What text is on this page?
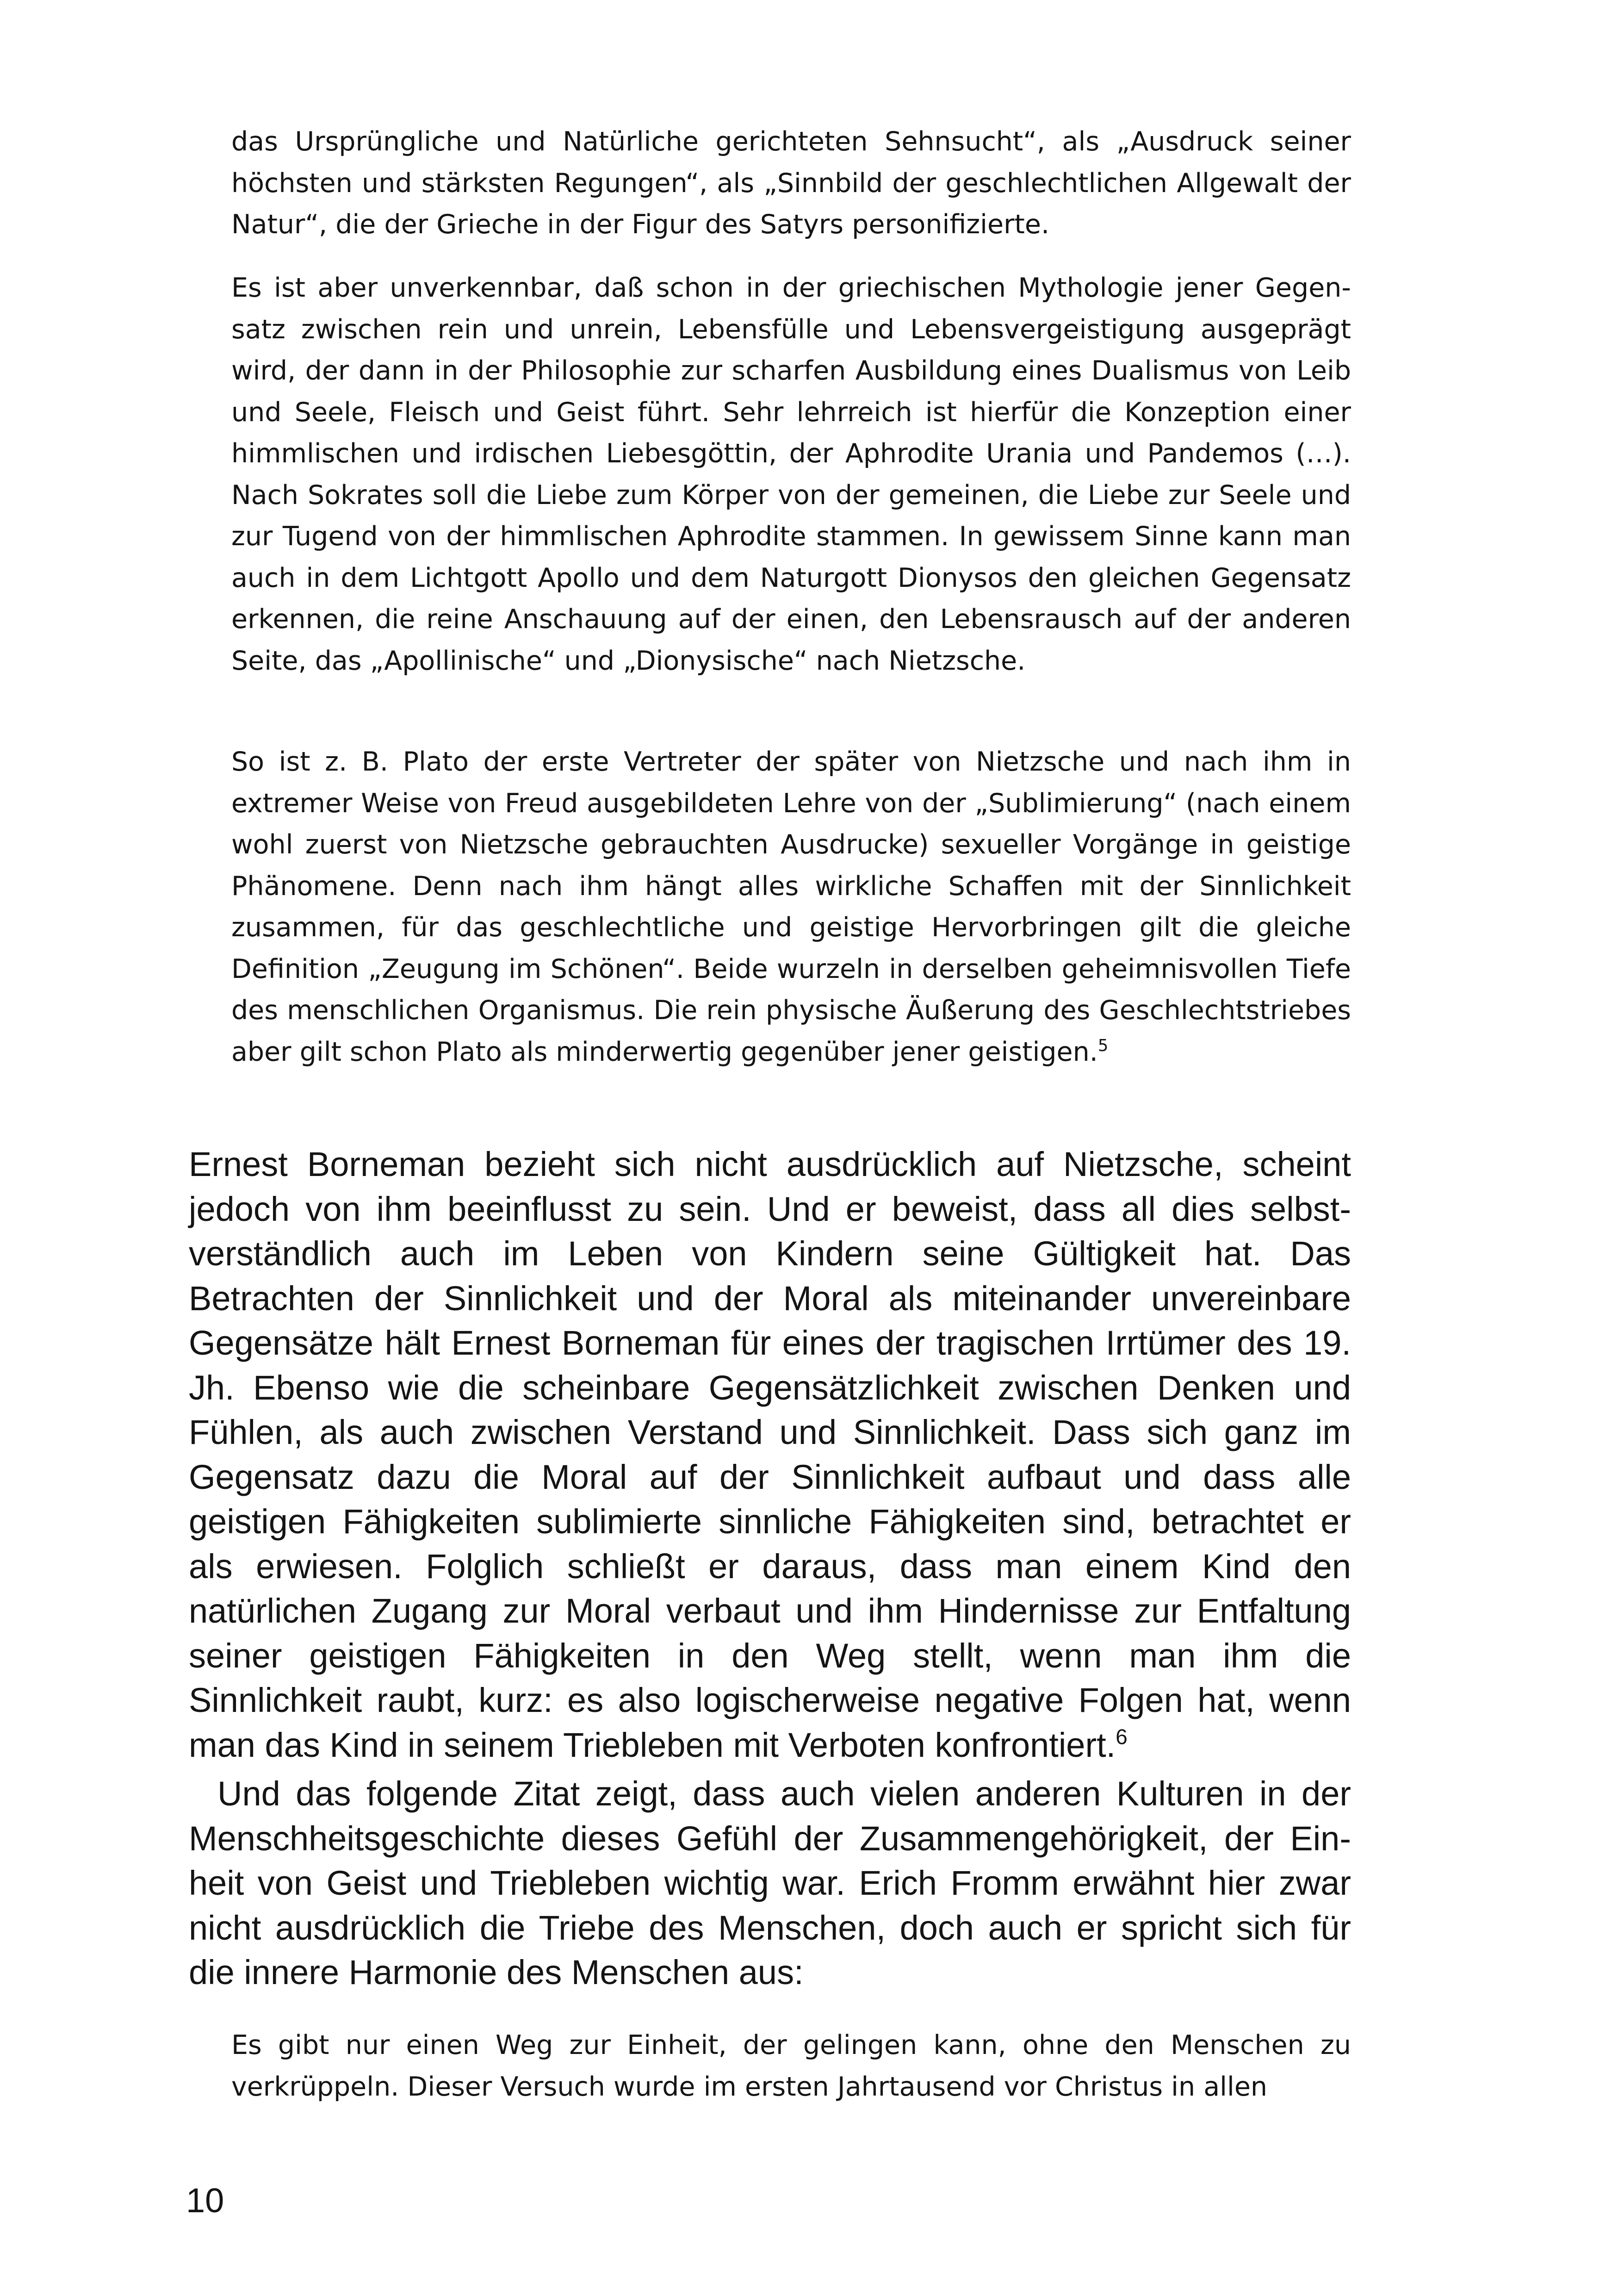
das Ursprüngliche und Natürliche gerichteten Sehnsucht“, als „Ausdruck seiner höchsten und stärksten Regungen“, als „Sinnbild der geschlechtlichen Allgewalt der Natur“, die der Grieche in der Figur des Satyrs personifizierte.

Es ist aber unverkennbar, daß schon in der griechischen Mythologie jener Gegensatz zwischen rein und unrein, Lebensfülle und Lebensvergeistigung ausgeprägt wird, der dann in der Philosophie zur scharfen Ausbildung eines Dualismus von Leib und Seele, Fleisch und Geist führt. Sehr lehrreich ist hierfür die Konzeption einer himmlischen und irdischen Liebesgöttin, der Aphrodite Urania und Pandemos (…). Nach Sokrates soll die Liebe zum Körper von der gemeinen, die Liebe zur Seele und zur Tugend von der himmlischen Aphrodite stammen. In gewissem Sinne kann man auch in dem Lichtgott Apollo und dem Naturgott Dionysos den gleichen Gegensatz erkennen, die reine Anschauung auf der einen, den Lebensrausch auf der anderen Seite, das „Apollinische“ und „Dionysische“ nach Nietzsche.

So ist z. B. Plato der erste Vertreter der später von Nietzsche und nach ihm in extremer Weise von Freud ausgebildeten Lehre von der „Sublimierung“ (nach einem wohl zuerst von Nietzsche gebrauchten Ausdrucke) sexueller Vorgänge in geistige Phänomene. Denn nach ihm hängt alles wirkliche Schaffen mit der Sinnlichkeit zusammen, für das geschlechtliche und geistige Hervorbringen gilt die gleiche Definition „Zeugung im Schönen“. Beide wurzeln in derselben geheimnisvollen Tiefe des menschlichen Organismus. Die rein physische Äußerung des Geschlechtstriebes aber gilt schon Plato als minderwertig gegenüber jener geistigen.$^5$

Ernest Borneman bezieht sich nicht ausdrücklich auf Nietzsche, scheint jedoch von ihm beeinflusst zu sein. Und er beweist, dass all dies selbstverständlich auch im Leben von Kindern seine Gültigkeit hat. Das Betrachten der Sinnlichkeit und der Moral als miteinander unvereinbare Gegensätze hält Ernest Borneman für eines der tragischen Irrtümer des 19. Jh. Ebenso wie die scheinbare Gegensätzlichkeit zwischen Denken und Fühlen, als auch zwischen Verstand und Sinnlichkeit. Dass sich ganz im Gegensatz dazu die Moral auf der Sinnlichkeit aufbaut und dass alle geistigen Fähigkeiten sublimierte sinnliche Fähigkeiten sind, betrachtet er als erwiesen. Folglich schließt er daraus, dass man einem Kind den natürlichen Zugang zur Moral verbaut und ihm Hindernisse zur Entfaltung seiner geistigen Fähigkeiten in den Weg stellt, wenn man ihm die Sinnlichkeit raubt, kurz: es also logischerweise negative Folgen hat, wenn man das Kind in seinem Triebleben mit Verboten konfrontiert.$^6$

Und das folgende Zitat zeigt, dass auch vielen anderen Kulturen in der Menschheitsgeschichte dieses Gefühl der Zusammengehörigkeit, der Einheit von Geist und Triebleben wichtig war. Erich Fromm erwähnt hier zwar nicht ausdrücklich die Triebe des Menschen, doch auch er spricht sich für die innere Harmonie des Menschen aus:

Es gibt nur einen Weg zur Einheit, der gelingen kann, ohne den Menschen zu verkrüppeln. Dieser Versuch wurde im ersten Jahrtausend vor Christus in allen

10
